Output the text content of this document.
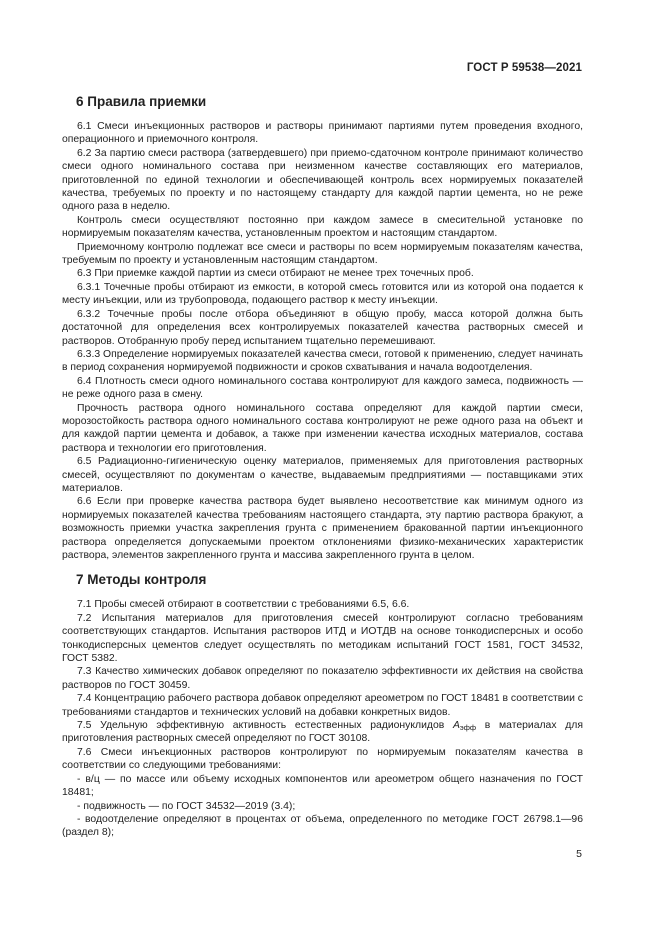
ГОСТ Р 59538—2021
6 Правила приемки

6.1 Смеси инъекционных растворов и растворы принимают партиями путем проведения входного, операционного и приемочного контроля.

6.2 За партию смеси раствора (затвердевшего) при приемо-сдаточном контроле принимают количество смеси одного номинального состава при неизменном качестве составляющих его материалов, приготовленной по единой технологии и обеспечивающей контроль всех нормируемых показателей качества, требуемых по проекту и по настоящему стандарту для каждой партии цемента, но не реже одного раза в неделю.

Контроль смеси осуществляют постоянно при каждом замесе в смесительной установке по нормируемым показателям качества, установленным проектом и настоящим стандартом.

Приемочному контролю подлежат все смеси и растворы по всем нормируемым показателям качества, требуемым по проекту и установленным настоящим стандартом.

6.3 При приемке каждой партии из смеси отбирают не менее трех точечных проб.

6.3.1 Точечные пробы отбирают из емкости, в которой смесь готовится или из которой она подается к месту инъекции, или из трубопровода, подающего раствор к месту инъекции.

6.3.2 Точечные пробы после отбора объединяют в общую пробу, масса которой должна быть достаточной для определения всех контролируемых показателей качества растворных смесей и растворов. Отобранную пробу перед испытанием тщательно перемешивают.

6.3.3 Определение нормируемых показателей качества смеси, готовой к применению, следует начинать в период сохранения нормируемой подвижности и сроков схватывания и начала водоотделения.

6.4 Плотность смеси одного номинального состава контролируют для каждого замеса, подвижность — не реже одного раза в смену.

Прочность раствора одного номинального состава определяют для каждой партии смеси, морозостойкость раствора одного номинального состава контролируют не реже одного раза на объект и для каждой партии цемента и добавок, а также при изменении качества исходных материалов, состава раствора и технологии его приготовления.

6.5 Радиационно-гигиеническую оценку материалов, применяемых для приготовления растворных смесей, осуществляют по документам о качестве, выдаваемым предприятиями — поставщиками этих материалов.

6.6 Если при проверке качества раствора будет выявлено несоответствие как минимум одного из нормируемых показателей качества требованиям настоящего стандарта, эту партию раствора бракуют, а возможность приемки участка закрепления грунта с применением бракованной партии инъекционного раствора определяется допускаемыми проектом отклонениями физико-механических характеристик раствора, элементов закрепленного грунта и массива закрепленного грунта в целом.

7 Методы контроля

7.1 Пробы смесей отбирают в соответствии с требованиями 6.5, 6.6.

7.2 Испытания материалов для приготовления смесей контролируют согласно требованиям соответствующих стандартов. Испытания растворов ИТД и ИОТДВ на основе тонкодисперсных и особо тонкодисперсных цементов следует осуществлять по методикам испытаний ГОСТ 1581, ГОСТ 34532, ГОСТ 5382.

7.3 Качество химических добавок определяют по показателю эффективности их действия на свойства растворов по ГОСТ 30459.

7.4 Концентрацию рабочего раствора добавок определяют ареометром по ГОСТ 18481 в соответствии с требованиями стандартов и технических условий на добавки конкретных видов.

7.5 Удельную эффективную активность естественных радионуклидов $A_{эфф}$ в материалах для приготовления растворных смесей определяют по ГОСТ 30108.

7.6 Смеси инъекционных растворов контролируют по нормируемым показателям качества в соответствии со следующими требованиями:

- в/ц — по массе или объему исходных компонентов или ареометром общего назначения по ГОСТ 18481;

- подвижность — по ГОСТ 34532—2019 (3.4);

- водоотделение определяют в процентах от объема, определенного по методике ГОСТ 26798.1—96 (раздел 8);

5
